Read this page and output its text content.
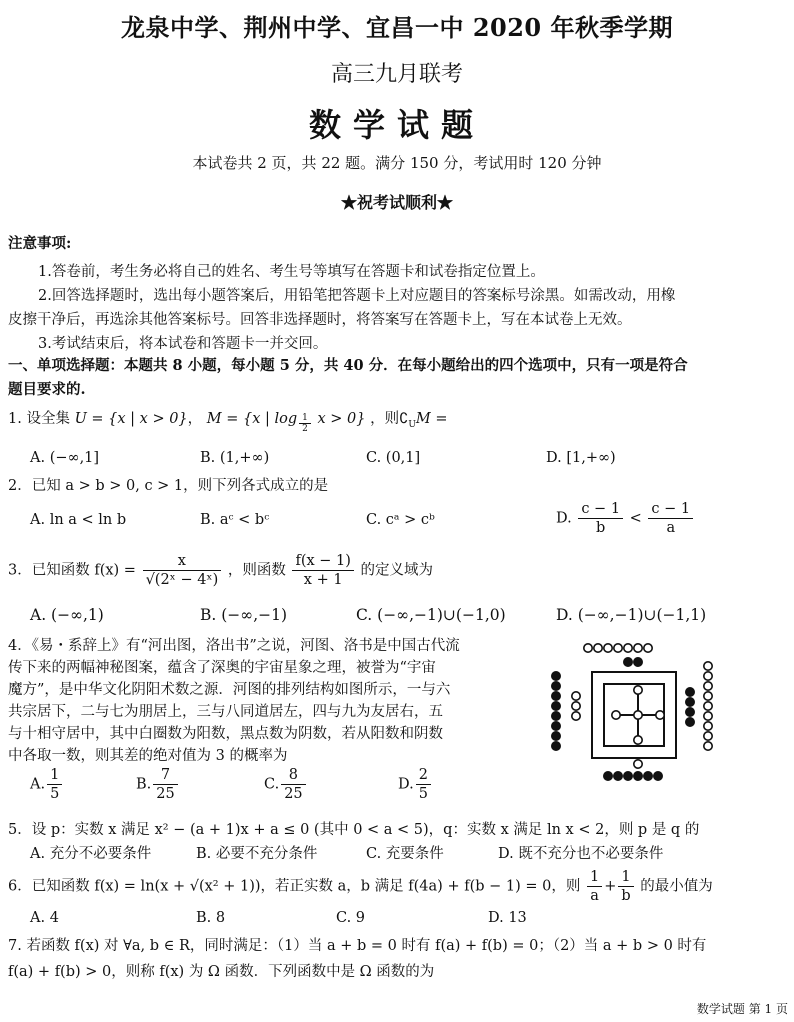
龙泉中学、荆州中学、宜昌一中 2020 年秋季学期
高三九月联考
数学试题
本试卷共 2 页，共 22 题。满分 150 分，考试用时 120 分钟
★祝考试顺利★
注意事项:
1.答卷前，考生务必将自己的姓名、考生号等填写在答题卡和试卷指定位置上。
2.回答选择题时，选出每小题答案后，用铅笔把答题卡上对应题目的答案标号涂黑。如需改动，用橡
皮擦干净后，再选涂其他答案标号。回答非选择题时，将答案写在答题卡上，写在本试卷上无效。
3.考试结束后，将本试卷和答题卡一并交回。
一、单项选择题：本题共 8 小题，每小题 5 分，共 40 分．在每小题给出的四个选项中，只有一项是符合
题目要求的.
1. 设全集 U = {x | x > 0}， M = {x | $\log \frac{1}{2}$ x > 0} ，则$∁_UM$ =
A. (−∞,1]	B. (1,+∞)	C. (0,1]	D. [1,+∞)
2．已知 a > b > 0, c > 1，则下列各式成立的是
A. ln a < ln b	B. aᶜ < bᶜ	C. cᵃ > cᵇ	D. $\frac{c - 1}{b} < \frac{c - 1}{a}$
3．已知函数 $f(x) = \frac{x}{\text{√(2ˣ − 4ˣ)}}$ ，则函数 $\frac{f(x - 1)}{x + 1}$ 的定义域为
A. (−∞,1)	B. (−∞,−1)	C. (−∞,−1)∪(−1,0)	D. (−∞,−1)∪(−1,1)
4．《易・系辞上》有“河出图，洛出书”之说，河图、洛书是中国古代流
传下来的两幅神秘图案，蕴含了深奥的宇宙星象之理，被誉为“宇宙
魔方”，是中华文化阴阳术数之源．河图的排列结构如图所示，一与六
共宗居下，二与七为朋居上，三与八同道居左，四与九为友居右，五
与十相守居中，其中白圈数为阳数，黑点数为阴数，若从阳数和阴数
中各取一数，则其差的绝对值为 3 的概率为
A. $\frac{1}{5}$	B. $\frac{7}{25}$	C. $\frac{8}{25}$	D. $\frac{2}{5}$
5．设 p：实数 x 满足 x² − (a + 1)x + a ≤ 0 (其中 0 < a < 5)，q：实数 x 满足 ln x < 2，则 p 是 q 的
A. 充分不必要条件	B. 必要不充分条件	C. 充要条件	D. 既不充分也不必要条件
6．已知函数 f(x) = ln(x + √(x² + 1))，若正实数 a，b 满足 f(4a) + f(b − 1) = 0，则 $\frac{1}{a} + \frac{1}{b}$ 的最小值为
A. 4	B. 8	C. 9	D. 13
7. 若函数 f(x) 对 ∀a, b ∈ R，同时满足：（1）当 a + b = 0 时有 f(a) + f(b) = 0；（2）当 a + b > 0 时有
f(a) + f(b) > 0，则称 f(x) 为 Ω 函数．下列函数中是 Ω 函数的为
数学试题 第 1 页
